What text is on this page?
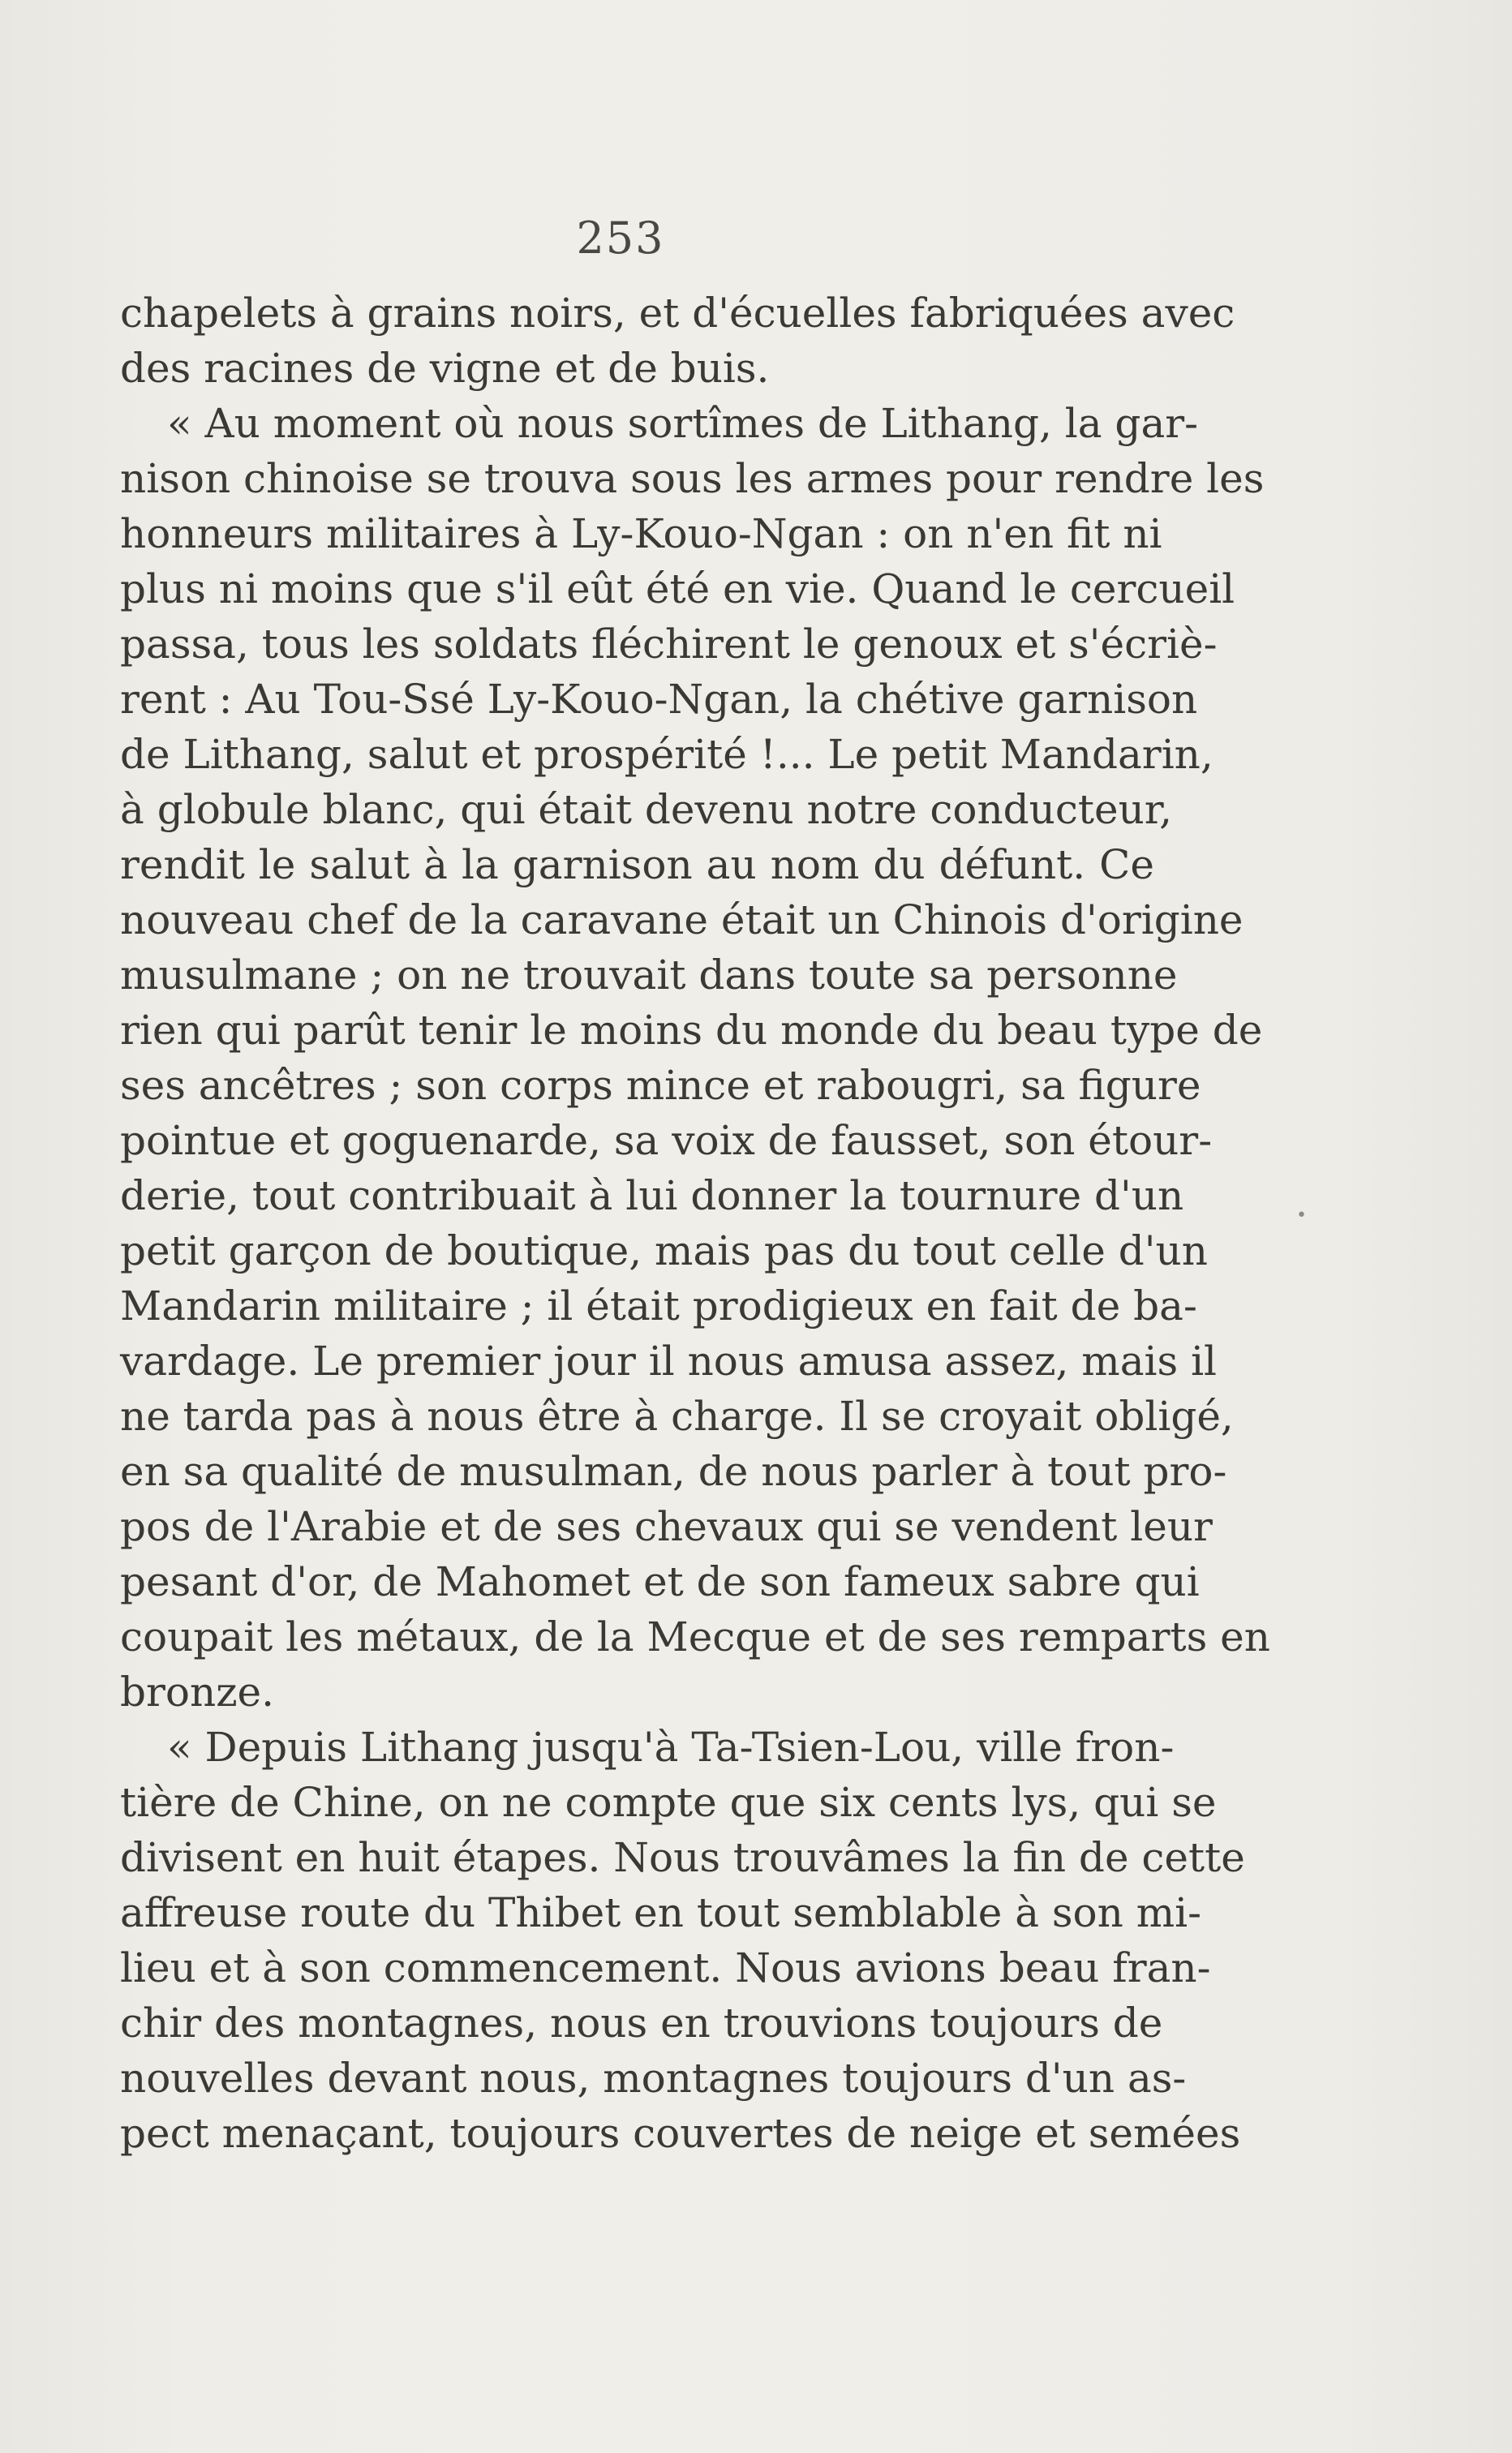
253
chapelets à grains noirs, et d'écuelles fabriquées avec
des racines de vigne et de buis.
« Au moment où nous sortîmes de Lithang, la gar-
nison chinoise se trouva sous les armes pour rendre les
honneurs militaires à Ly-Kouo-Ngan : on n'en fit ni
plus ni moins que s'il eût été en vie. Quand le cercueil
passa, tous les soldats fléchirent le genoux et s'écriè-
rent : Au Tou-Ssé Ly-Kouo-Ngan, la chétive garnison
de Lithang, salut et prospérité !... Le petit Mandarin,
à globule blanc, qui était devenu notre conducteur,
rendit le salut à la garnison au nom du défunt. Ce
nouveau chef de la caravane était un Chinois d'origine
musulmane ; on ne trouvait dans toute sa personne
rien qui parût tenir le moins du monde du beau type de
ses ancêtres ; son corps mince et rabougri, sa figure
pointue et goguenarde, sa voix de fausset, son étour-
derie, tout contribuait à lui donner la tournure d'un
petit garçon de boutique, mais pas du tout celle d'un
Mandarin militaire ; il était prodigieux en fait de ba-
vardage. Le premier jour il nous amusa assez, mais il
ne tarda pas à nous être à charge. Il se croyait obligé,
en sa qualité de musulman, de nous parler à tout pro-
pos de l'Arabie et de ses chevaux qui se vendent leur
pesant d'or, de Mahomet et de son fameux sabre qui
coupait les métaux, de la Mecque et de ses remparts en
bronze.
« Depuis Lithang jusqu'à Ta-Tsien-Lou, ville fron-
tière de Chine, on ne compte que six cents lys, qui se
divisent en huit étapes. Nous trouvâmes la fin de cette
affreuse route du Thibet en tout semblable à son mi-
lieu et à son commencement. Nous avions beau fran-
chir des montagnes, nous en trouvions toujours de
nouvelles devant nous, montagnes toujours d'un as-
pect menaçant, toujours couvertes de neige et semées
•
